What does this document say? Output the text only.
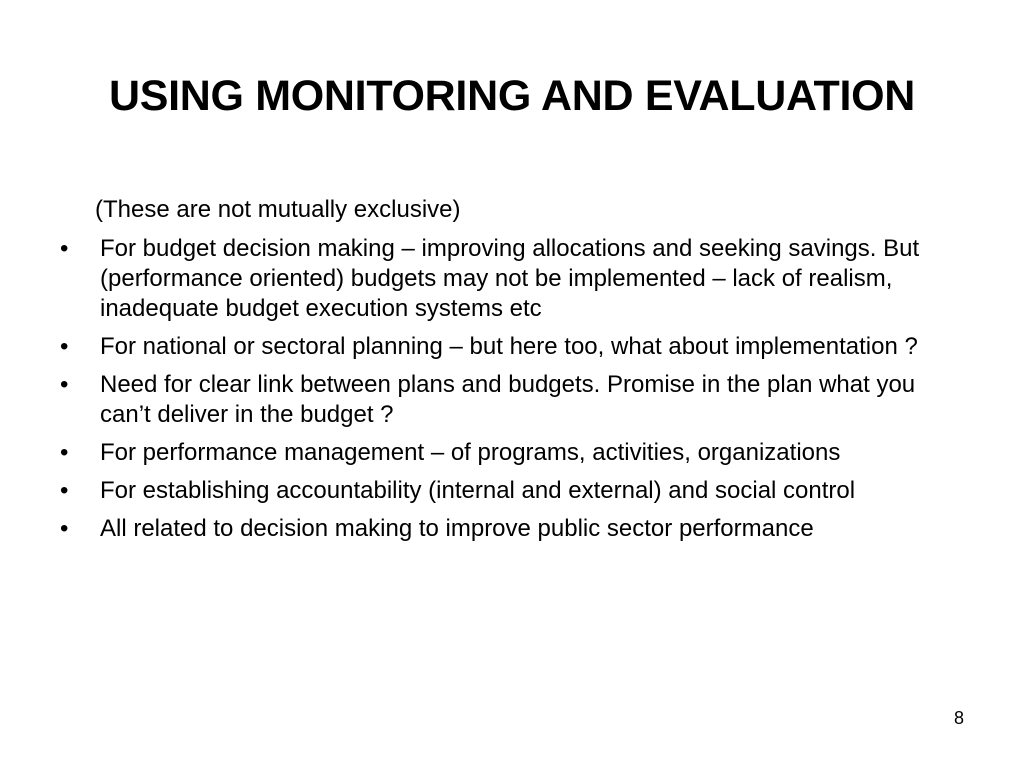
USING MONITORING AND EVALUATION

(These are not mutually exclusive)

•	For budget decision making – improving allocations and seeking savings. But (performance oriented) budgets may not be implemented – lack of realism, inadequate budget execution systems etc
•	For national or sectoral planning – but here too, what about implementation ?
•	Need for clear link between plans and budgets. Promise in the plan what you can’t deliver in the budget ?
•	For performance management – of programs, activities, organizations
•	For establishing accountability (internal and external) and social control
•	All related to decision making to improve public sector performance
8
